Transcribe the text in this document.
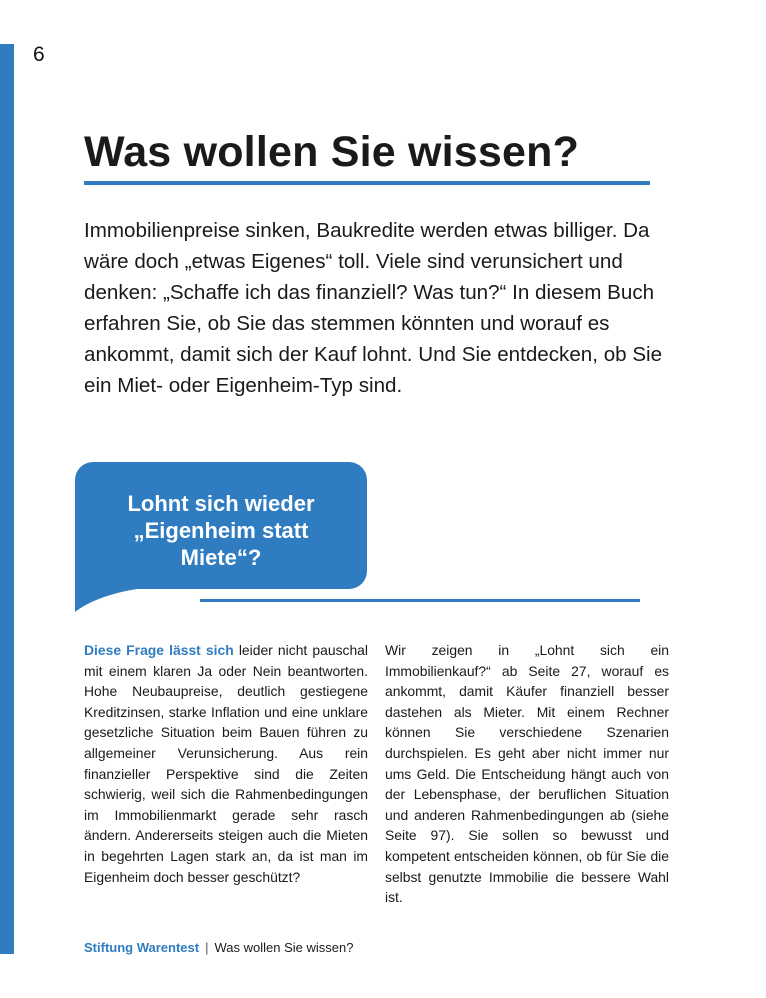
6
Was wollen Sie wissen?

Immobilienpreise sinken, Baukredite werden etwas billiger. Da wäre doch „etwas Eigenes“ toll. Viele sind verunsichert und denken: „Schaffe ich das finanziell? Was tun?“ In diesem Buch erfahren Sie, ob Sie das stemmen könnten und worauf es ankommt, damit sich der Kauf lohnt. Und Sie entdecken, ob Sie ein Miet- oder Eigenheim-Typ sind.

Lohnt sich wieder
„Eigenheim statt
Miete“?

Diese Frage lässt sich leider nicht pauschal mit einem klaren Ja oder Nein beantworten. Hohe Neubaupreise, deutlich gestiegene Kreditzinsen, starke Inflation und eine unklare gesetzliche Situation beim Bauen führen zu allgemeiner Verunsicherung. Aus rein finanzieller Perspektive sind die Zeiten schwierig, weil sich die Rahmenbedingungen im Immobilienmarkt gerade sehr rasch ändern. Andererseits steigen auch die Mieten in begehrten Lagen stark an, da ist man im Eigenheim doch besser geschützt?

Wir zeigen in „Lohnt sich ein Immobilienkauf?“ ab Seite 27, worauf es ankommt, damit Käufer finanziell besser dastehen als Mieter. Mit einem Rechner können Sie verschiedene Szenarien durchspielen. Es geht aber nicht immer nur ums Geld. Die Entscheidung hängt auch von der Lebensphase, der beruflichen Situation und anderen Rahmenbedingungen ab (siehe Seite 97). Sie sollen so bewusst und kompetent entscheiden können, ob für Sie die selbst genutzte Immobilie die bessere Wahl ist.

Stiftung Warentest | Was wollen Sie wissen?
